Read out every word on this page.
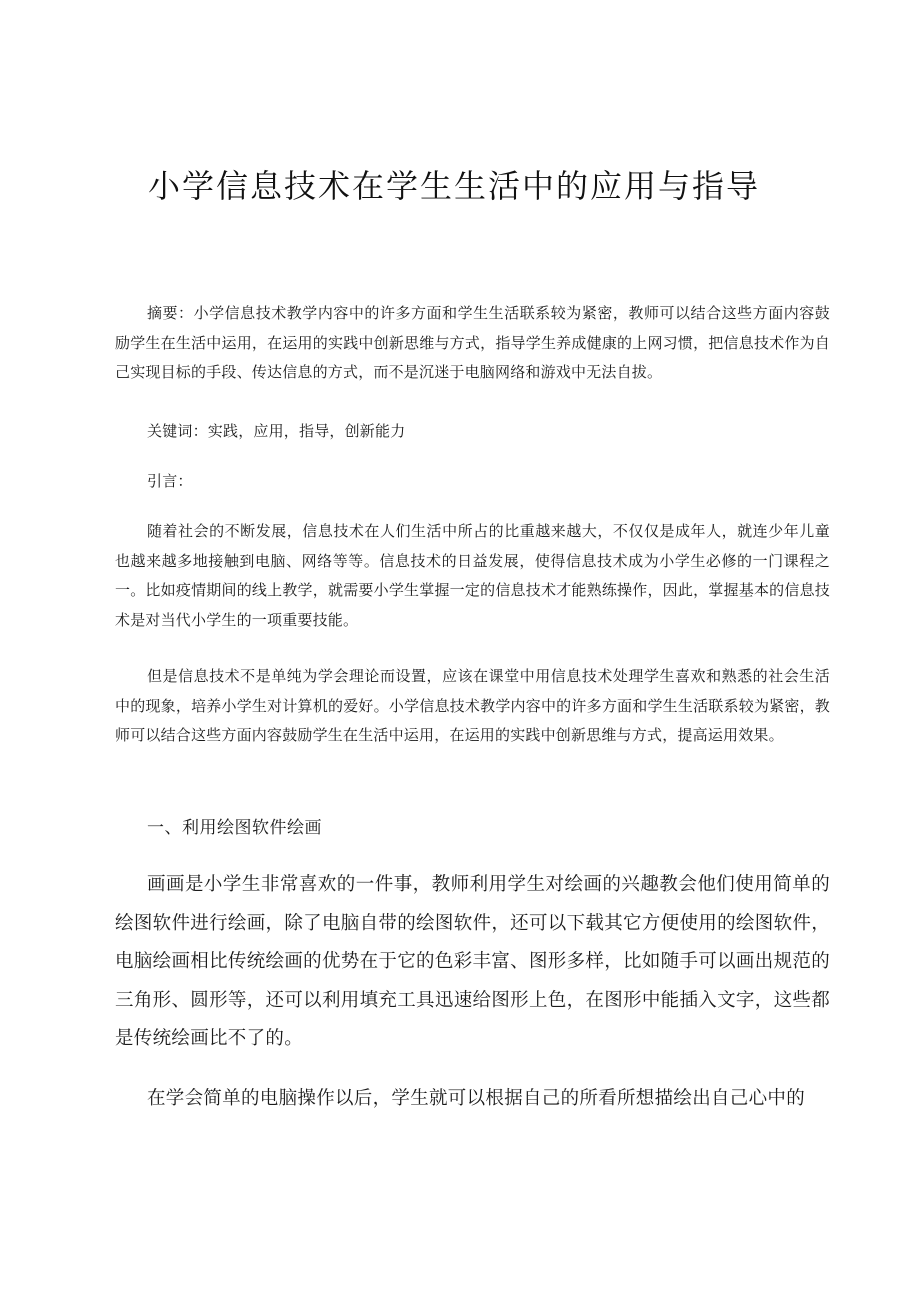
小学信息技术在学生生活中的应用与指导

摘要：小学信息技术教学内容中的许多方面和学生生活联系较为紧密，教师可以结合这些方面内容鼓励学生在生活中运用，在运用的实践中创新思维与方式，指导学生养成健康的上网习惯，把信息技术作为自己实现目标的手段、传达信息的方式，而不是沉迷于电脑网络和游戏中无法自拔。

关键词：实践，应用，指导，创新能力

引言：

随着社会的不断发展，信息技术在人们生活中所占的比重越来越大，不仅仅是成年人，就连少年儿童也越来越多地接触到电脑、网络等等。信息技术的日益发展，使得信息技术成为小学生必修的一门课程之一。比如疫情期间的线上教学，就需要小学生掌握一定的信息技术才能熟练操作，因此，掌握基本的信息技术是对当代小学生的一项重要技能。

但是信息技术不是单纯为学会理论而设置，应该在课堂中用信息技术处理学生喜欢和熟悉的社会生活中的现象，培养小学生对计算机的爱好。小学信息技术教学内容中的许多方面和学生生活联系较为紧密，教师可以结合这些方面内容鼓励学生在生活中运用，在运用的实践中创新思维与方式，提高运用效果。

一、利用绘图软件绘画

画画是小学生非常喜欢的一件事，教师利用学生对绘画的兴趣教会他们使用简单的绘图软件进行绘画，除了电脑自带的绘图软件，还可以下载其它方便使用的绘图软件，电脑绘画相比传统绘画的优势在于它的色彩丰富、图形多样，比如随手可以画出规范的三角形、圆形等，还可以利用填充工具迅速给图形上色，在图形中能插入文字，这些都是传统绘画比不了的。

在学会简单的电脑操作以后，学生就可以根据自己的所看所想描绘出自己心中的
